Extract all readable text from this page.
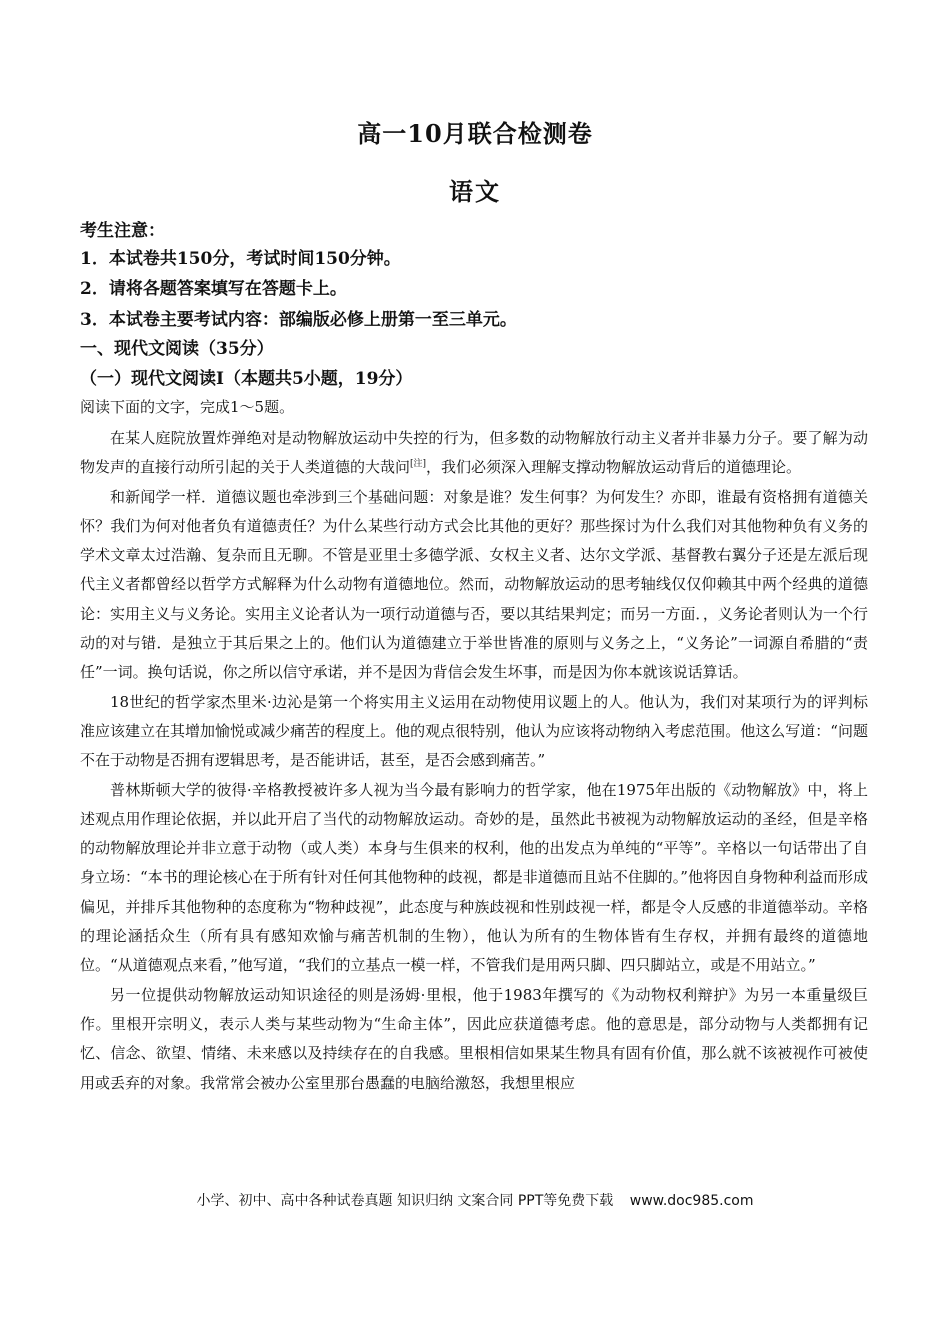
高一10月联合检测卷
语文
考生注意：
1．本试卷共150分，考试时间150分钟。
2．请将各题答案填写在答题卡上。
3．本试卷主要考试内容：部编版必修上册第一至三单元。
一、现代文阅读（35分）
（一）现代文阅读Ⅰ（本题共5小题，19分）
阅读下面的文字，完成1～5题。

在某人庭院放置炸弹绝对是动物解放运动中失控的行为，但多数的动物解放行动主义者并非暴力分子。要了解为动物发声的直接行动所引起的关于人类道德的大哉问[注]，我们必须深入理解支撑动物解放运动背后的道德理论。

和新闻学一样．道德议题也牵涉到三个基础问题：对象是谁？发生何事？为何发生？亦即，谁最有资格拥有道德关怀？我们为何对他者负有道德责任？为什么某些行动方式会比其他的更好？那些探讨为什么我们对其他物种负有义务的学术文章太过浩瀚、复杂而且无聊。不管是亚里士多德学派、女权主义者、达尔文学派、基督教右翼分子还是左派后现代主义者都曾经以哲学方式解释为什么动物有道德地位。然而，动物解放运动的思考轴线仅仅仰赖其中两个经典的道德论：实用主义与义务论。实用主义论者认为一项行动道德与否，要以其结果判定；而另一方面．，义务论者则认为一个行动的对与错．是独立于其后果之上的。他们认为道德建立于举世皆准的原则与义务之上，“义务论”一词源自希腊的“责任”一词。换句话说，你之所以信守承诺，并不是因为背信会发生坏事，而是因为你本就该说话算话。

18世纪的哲学家杰里米·边沁是第一个将实用主义运用在动物使用议题上的人。他认为，我们对某项行为的评判标准应该建立在其增加愉悦或减少痛苦的程度上。他的观点很特别，他认为应该将动物纳入考虑范围。他这么写道：“问题不在于动物是否拥有逻辑思考，是否能讲话，甚至，是否会感到痛苦。”

普林斯顿大学的彼得·辛格教授被许多人视为当今最有影响力的哲学家，他在1975年出版的《动物解放》中，将上述观点用作理论依据，并以此开启了当代的动物解放运动。奇妙的是，虽然此书被视为动物解放运动的圣经，但是辛格的动物解放理论并非立意于动物（或人类）本身与生俱来的权利，他的出发点为单纯的“平等”。辛格以一句话带出了自身立场：“本书的理论核心在于所有针对任何其他物种的歧视，都是非道德而且站不住脚的。”他将因自身物种利益而形成偏见，并排斥其他物种的态度称为“物种歧视”，此态度与种族歧视和性别歧视一样，都是令人反感的非道德举动。辛格的理论涵括众生（所有具有感知欢愉与痛苦机制的生物），他认为所有的生物体皆有生存权，并拥有最终的道德地位。“从道德观点来看，”他写道，“我们的立基点一模一样，不管我们是用两只脚、四只脚站立，或是不用站立。”

另一位提供动物解放运动知识途径的则是汤姆·里根，他于1983年撰写的《为动物权利辩护》为另一本重量级巨作。里根开宗明义，表示人类与某些动物为“生命主体”，因此应获道德考虑。他的意思是，部分动物与人类都拥有记忆、信念、欲望、情绪、未来感以及持续存在的自我感。里根相信如果某生物具有固有价值，那么就不该被视作可被使用或丢弃的对象。我常常会被办公室里那台愚蠢的电脑给激怒，我想里根应

小学、初中、高中各种试卷真题 知识归纳 文案合同 PPT等免费下载 www.doc985.com
